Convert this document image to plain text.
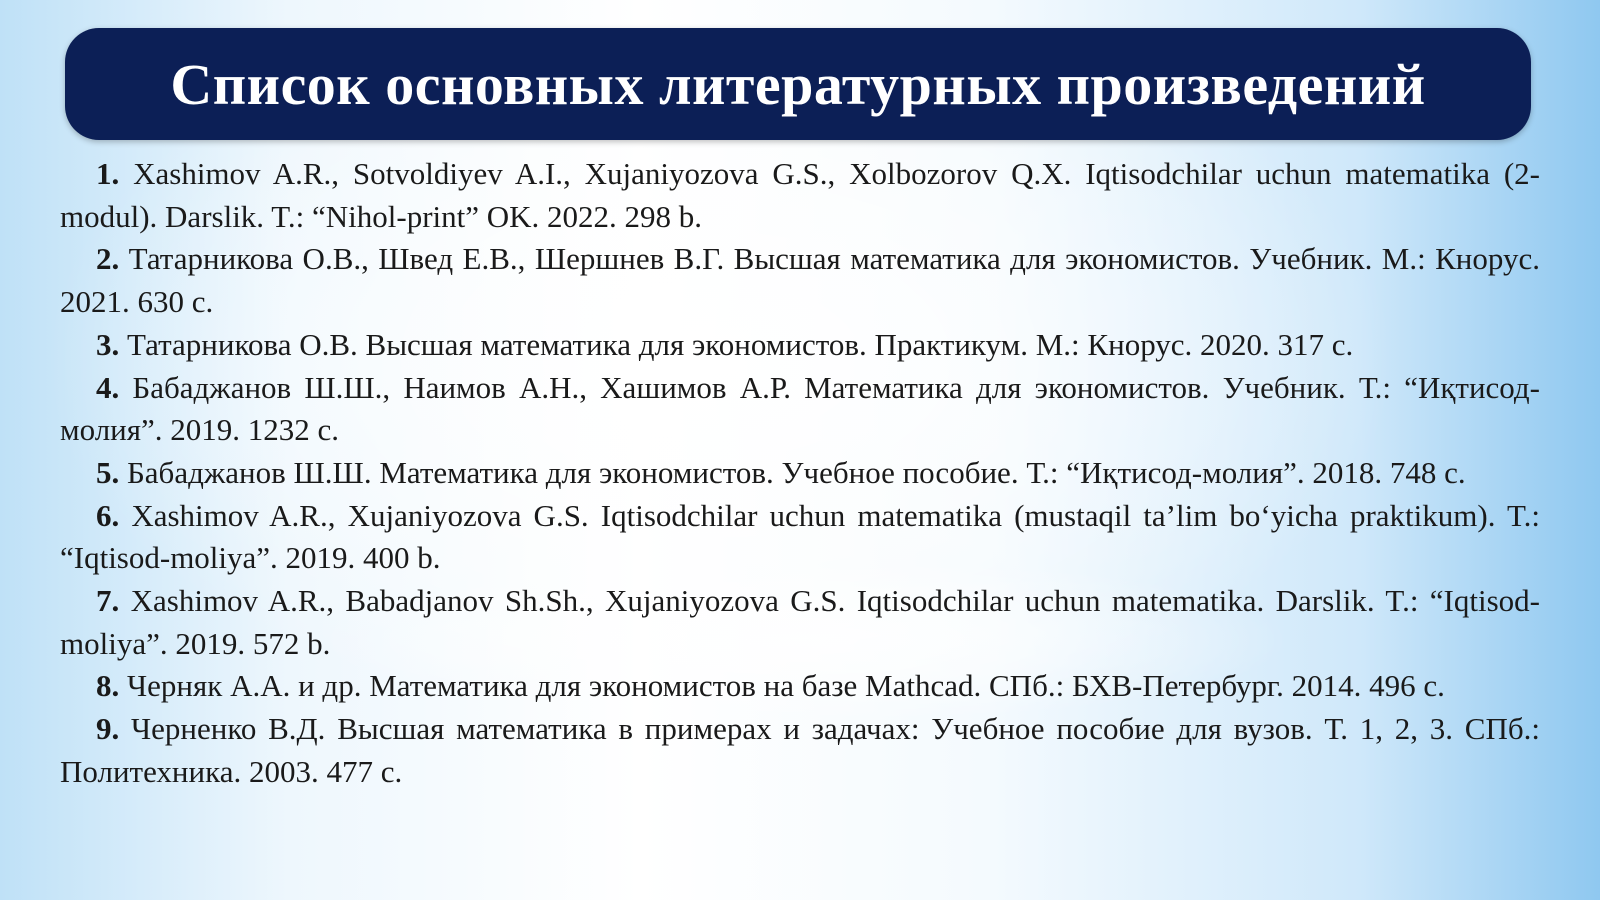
Список основных литературных произведений
1. Xashimov A.R., Sotvoldiyev A.I., Xujaniyozova G.S., Xolbozorov Q.X. Iqtisodchilar uchun matematika (2-modul). Darslik. T.: “Nihol-print” OK. 2022. 298 b.
2. Татарникова О.В., Швед Е.В., Шершнев В.Г. Высшая математика для экономистов. Учебник. М.: Кнорус. 2021. 630 с.
3. Татарникова О.В. Высшая математика для экономистов. Практикум. М.: Кнорус. 2020. 317 с.
4. Бабаджанов Ш.Ш., Наимов А.Н., Хашимов А.Р. Математика для экономистов. Учебник. Т.: “Иқтисод-молия”. 2019. 1232 с.
5. Бабаджанов Ш.Ш. Математика для экономистов. Учебное пособие. Т.: “Иқтисод-молия”. 2018. 748 с.
6. Xashimov A.R., Xujaniyozova G.S. Iqtisodchilar uchun matematika (mustaqil ta’lim bo‘yicha praktikum). T.: “Iqtisod-moliya”. 2019. 400 b.
7. Xashimov A.R., Babadjanov Sh.Sh., Xujaniyozova G.S. Iqtisodchilar uchun matematika. Darslik. T.: “Iqtisod-moliya”. 2019. 572 b.
8. Черняк А.А. и др. Математика для экономистов на базе Mathcad. СПб.: БХВ-Петербург. 2014. 496 с.
9. Черненко В.Д. Высшая математика в примерах и задачах: Учебное пособие для вузов. Т. 1, 2, 3. СПб.: Политехника. 2003. 477 с.
